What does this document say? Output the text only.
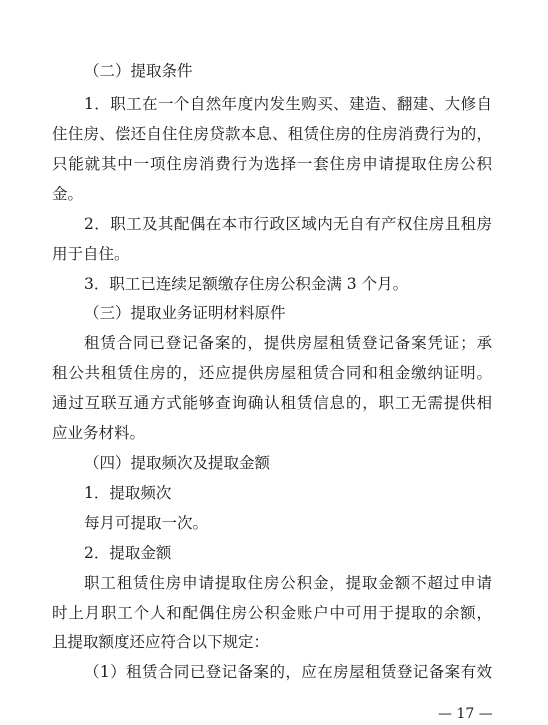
（二）提取条件
1．职工在一个自然年度内发生购买、建造、翻建、大修自
住住房、偿还自住住房贷款本息、租赁住房的住房消费行为的，
只能就其中一项住房消费行为选择一套住房申请提取住房公积
金。
2．职工及其配偶在本市行政区域内无自有产权住房且租房
用于自住。
3．职工已连续足额缴存住房公积金满 3 个月。
（三）提取业务证明材料原件
租赁合同已登记备案的，提供房屋租赁登记备案凭证；承
租公共租赁住房的，还应提供房屋租赁合同和租金缴纳证明。
通过互联互通方式能够查询确认租赁信息的，职工无需提供相
应业务材料。
（四）提取频次及提取金额
1．提取频次
每月可提取一次。
2．提取金额
职工租赁住房申请提取住房公积金，提取金额不超过申请
时上月职工个人和配偶住房公积金账户中可用于提取的余额，
且提取额度还应符合以下规定：
（1）租赁合同已登记备案的，应在房屋租赁登记备案有效
— 17 —
